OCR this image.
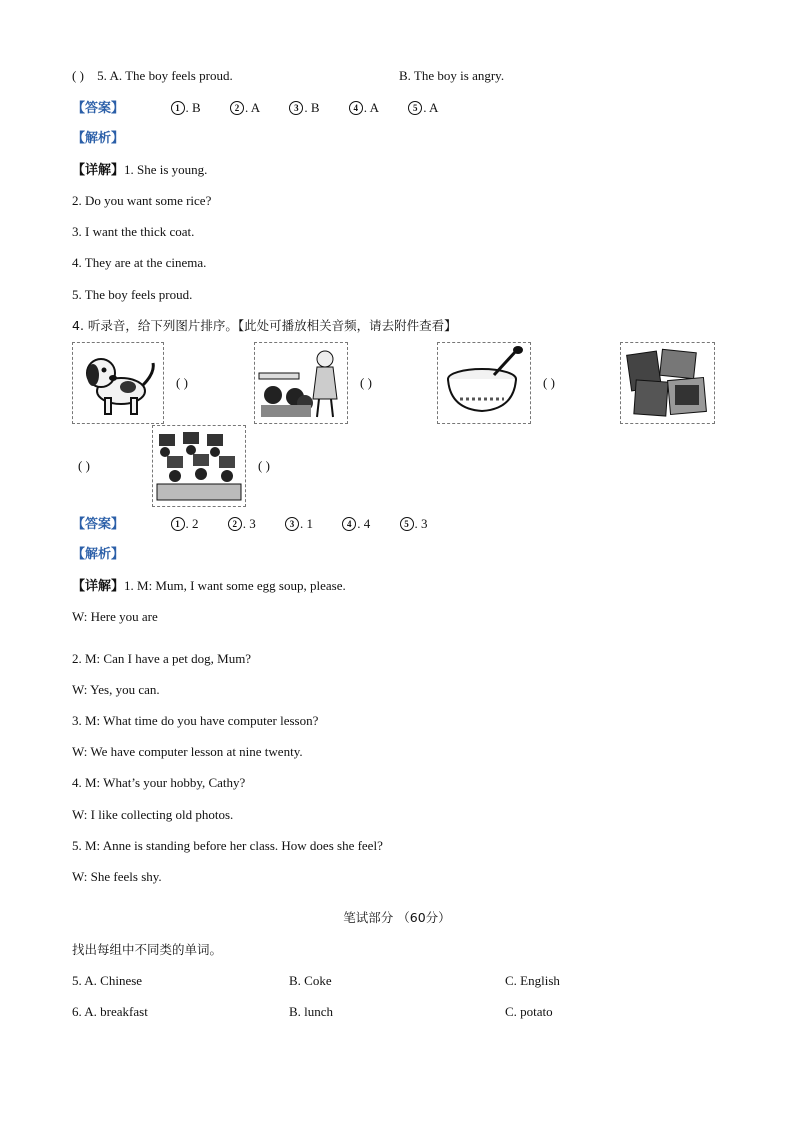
( ) 5. A. The boy feels proud.	B. The boy is angry.
【答案】	1 . B	2 . A	3 . B	4 . A	5 . A
【解析】
【详解】1. She is young.
2. Do you want some rice?
3. I want the thick coat.
4. They are at the cinema.
5. The boy feels proud.
4. 听录音，给下列图片排序。【此处可播放相关音频，请去附件查看】
( )	( )	( )
( )	( )
【答案】	1 . 2	2 . 3	3 . 1	4 . 4	5 . 3
【解析】
【详解】1. M: Mum, I want some egg soup, please.
W: Here you are
2. M: Can I have a pet dog, Mum?
W: Yes, you can.
3. M: What time do you have computer lesson?
W: We have computer lesson at nine twenty.
4. M: What’s your hobby, Cathy?
W: I like collecting old photos.
5. M: Anne is standing before her class. How does she feel?
W: She feels shy.
笔试部分 （60分）
找出每组中不同类的单词。
5. A. Chinese	B. Coke	C. English
6. A. breakfast	B. lunch	C. potato
